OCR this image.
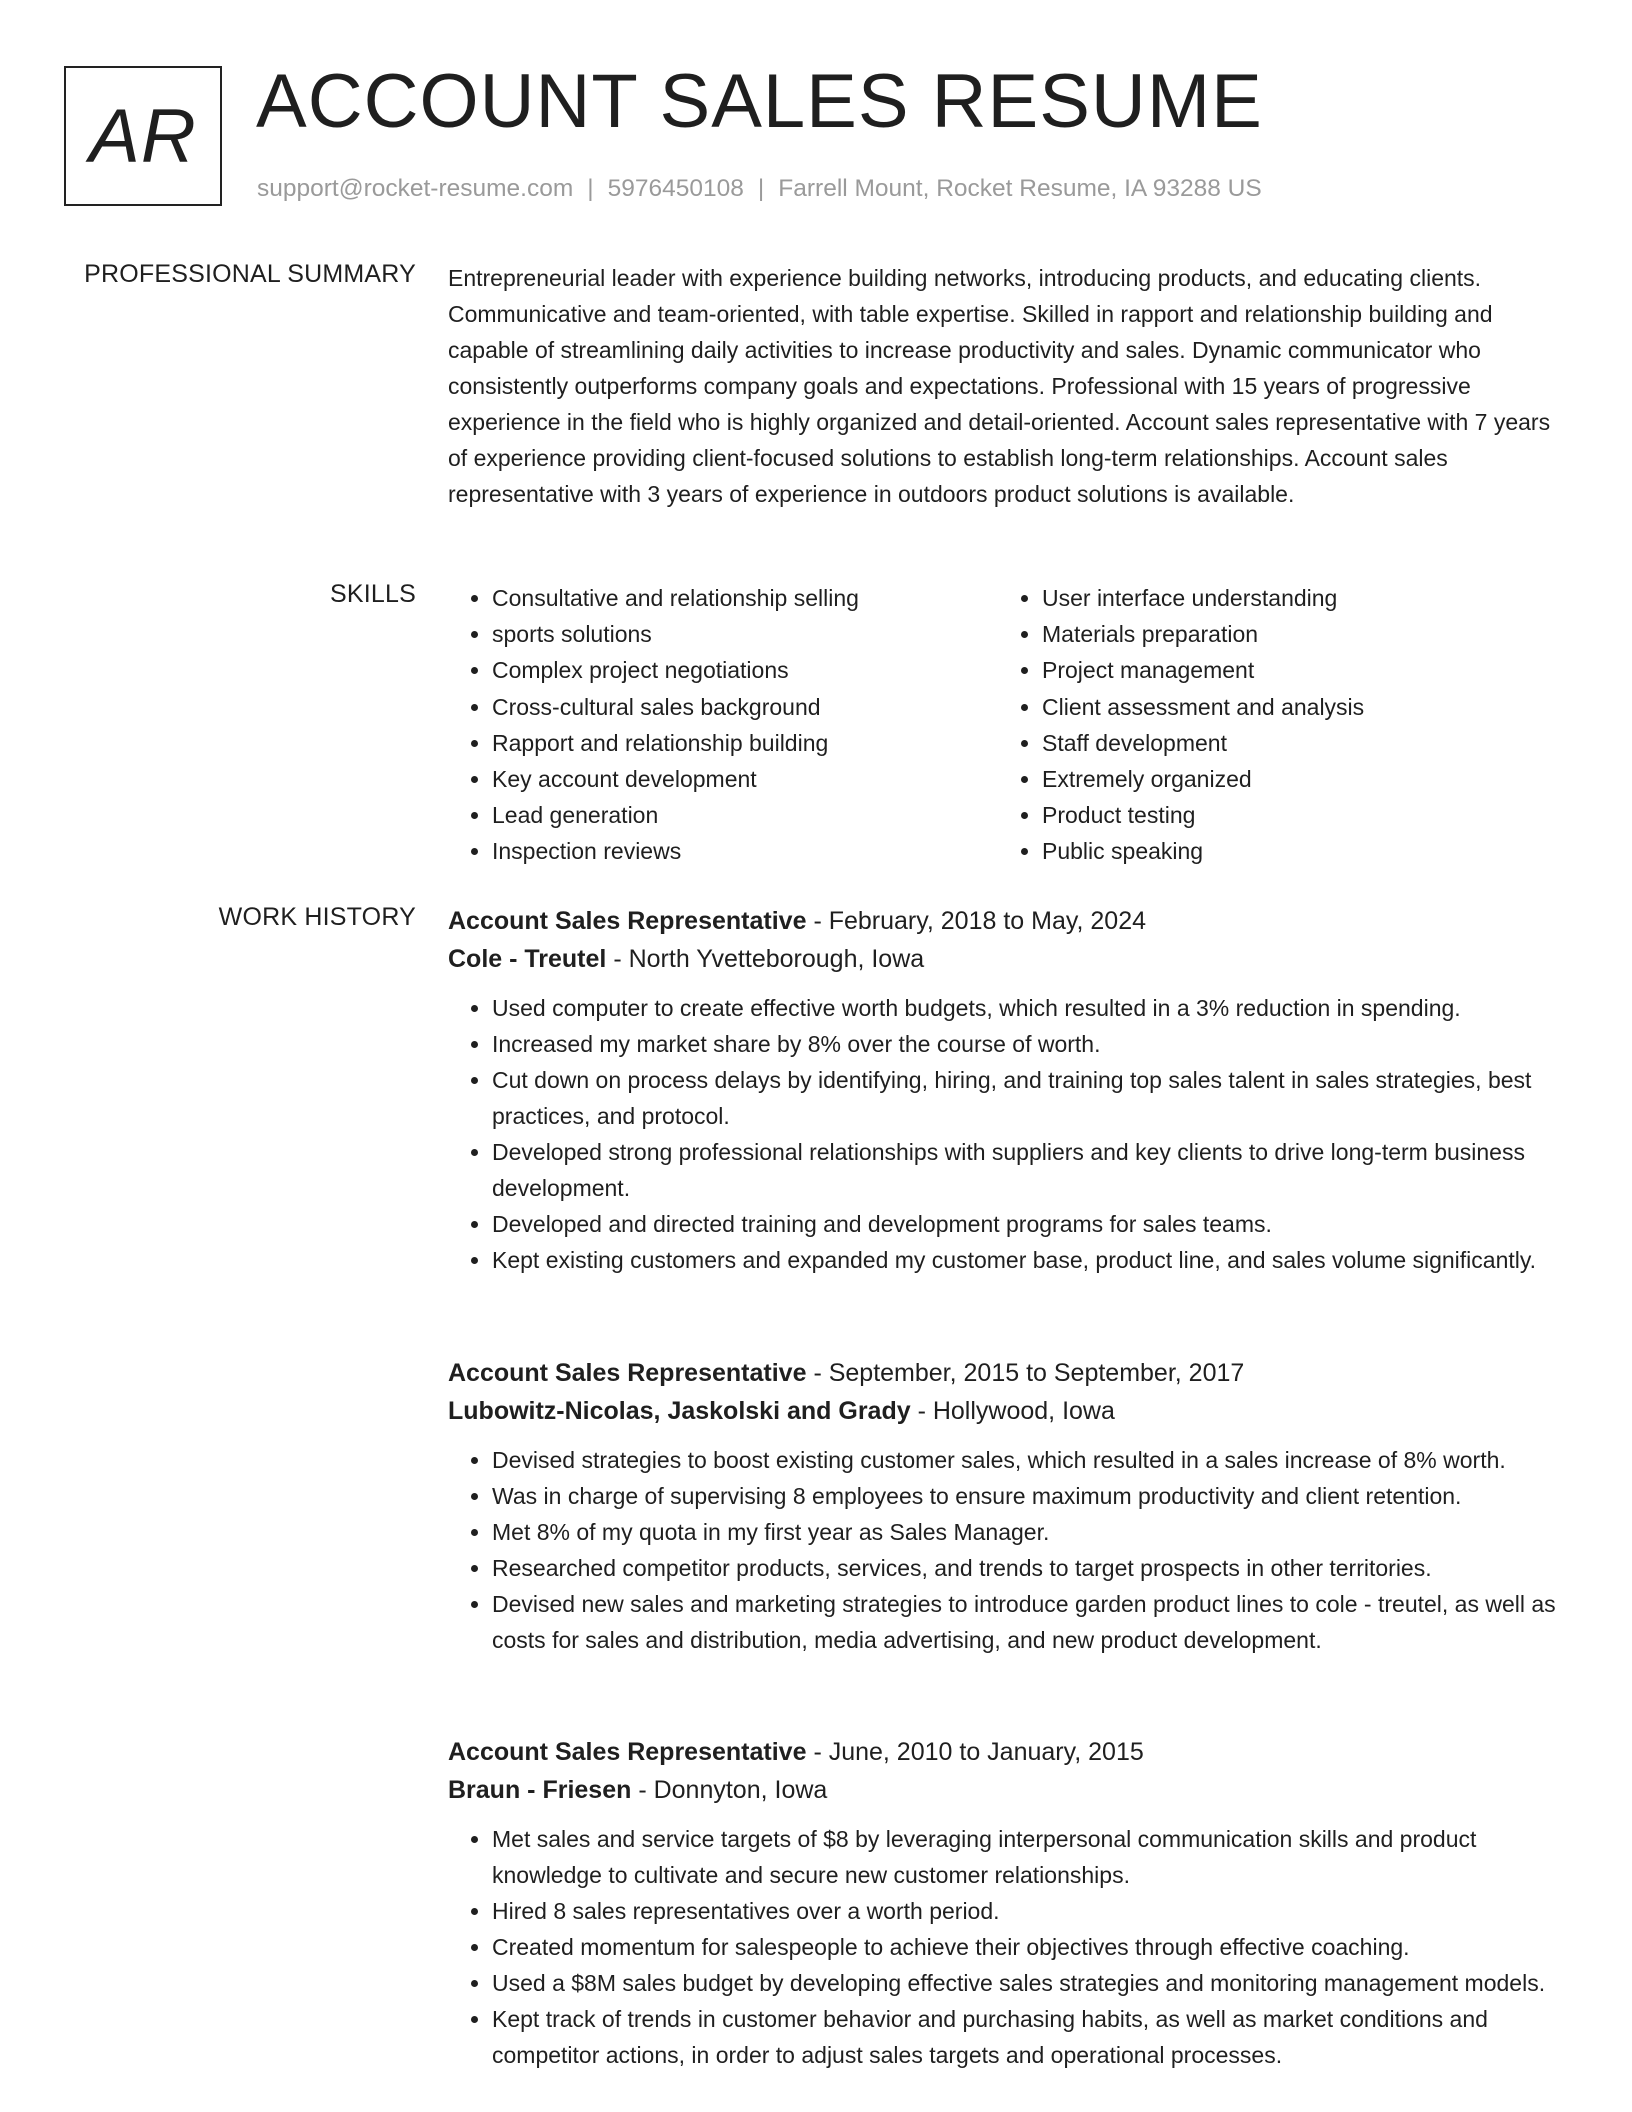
AR ACCOUNT SALES RESUME
support@rocket-resume.com | 5976450108 | Farrell Mount, Rocket Resume, IA 93288 US
PROFESSIONAL SUMMARY Entrepreneurial leader with experience building networks, introducing products, and educating clients. Communicative and team-oriented, with table expertise. Skilled in rapport and relationship building and capable of streamlining daily activities to increase productivity and sales. Dynamic communicator who consistently outperforms company goals and expectations. Professional with 15 years of progressive experience in the field who is highly organized and detail-oriented. Account sales representative with 7 years of experience providing client-focused solutions to establish long-term relationships. Account sales representative with 3 years of experience in outdoors product solutions is available.
SKILLS
•	Consultative and relationship selling
• sports solutions
• Complex project negotiations
• Cross-cultural sales background
• Rapport and relationship building
• Key account development
• Lead generation
• Inspection reviews
• User interface understanding
• Materials preparation
• Project management
• Client assessment and analysis
• Staff development
• Extremely organized
• Product testing
• Public speaking
WORK HISTORY Account Sales Representative - February, 2018 to May, 2024
Cole - Treutel - North Yvetteborough, Iowa
• Used computer to create effective worth budgets, which resulted in a 3% reduction in spending.
• Increased my market share by 8% over the course of worth.
• Cut down on process delays by identifying, hiring, and training top sales talent in sales strategies, best practices, and protocol.
• Developed strong professional relationships with suppliers and key clients to drive long-term business development.
• Developed and directed training and development programs for sales teams.
• Kept existing customers and expanded my customer base, product line, and sales volume significantly.
Account Sales Representative - September, 2015 to September, 2017
Lubowitz-Nicolas, Jaskolski and Grady - Hollywood, Iowa
• Devised strategies to boost existing customer sales, which resulted in a sales increase of 8% worth.
• Was in charge of supervising 8 employees to ensure maximum productivity and client retention.
• Met 8% of my quota in my first year as Sales Manager.
• Researched competitor products, services, and trends to target prospects in other territories.
• Devised new sales and marketing strategies to introduce garden product lines to cole - treutel, as well as costs for sales and distribution, media advertising, and new product development.
Account Sales Representative - June, 2010 to January, 2015
Braun - Friesen - Donnyton, Iowa
• Met sales and service targets of $8 by leveraging interpersonal communication skills and product knowledge to cultivate and secure new customer relationships.
• Hired 8 sales representatives over a worth period.
• Created momentum for salespeople to achieve their objectives through effective coaching.
• Used a $8M sales budget by developing effective sales strategies and monitoring management models.
• Kept track of trends in customer behavior and purchasing habits, as well as market conditions and competitor actions, in order to adjust sales targets and operational processes.
